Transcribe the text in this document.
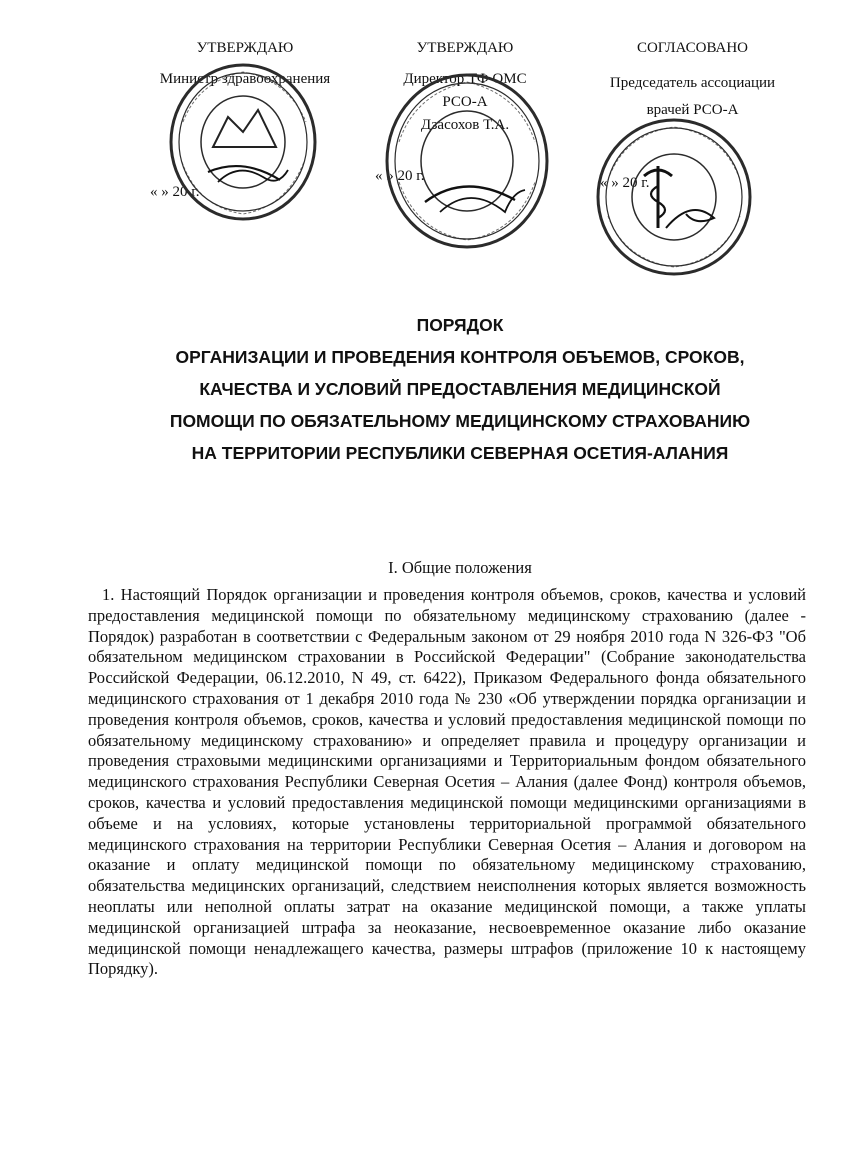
УТВЕРЖДАЮ
Министр здравоохранения
« » 20 г.
УТВЕРЖДАЮ
Директор ТФ ОМС
РСО-А
Дзасохов Т.А.
« » 20 г.
СОГЛАСОВАНО
Председатель ассоциации
врачей РСО-А
« » 20 г.
ПОРЯДОК
ОРГАНИЗАЦИИ И ПРОВЕДЕНИЯ КОНТРОЛЯ ОБЪЕМОВ, СРОКОВ,
КАЧЕСТВА И УСЛОВИЙ ПРЕДОСТАВЛЕНИЯ МЕДИЦИНСКОЙ
ПОМОЩИ ПО ОБЯЗАТЕЛЬНОМУ МЕДИЦИНСКОМУ СТРАХОВАНИЮ
НА ТЕРРИТОРИИ РЕСПУБЛИКИ СЕВЕРНАЯ ОСЕТИЯ-АЛАНИЯ
I. Общие положения

1. Настоящий Порядок организации и проведения контроля объемов, сроков, качества и условий предоставления медицинской помощи по обязательному медицинскому страхованию (далее - Порядок) разработан в соответствии с Федеральным законом от 29 ноября 2010 года N 326-ФЗ "Об обязательном медицинском страховании в Российской Федерации" (Собрание законодательства Российской Федерации, 06.12.2010, N 49, ст. 6422), Приказом Федерального фонда обязательного медицинского страхования от 1 декабря 2010 года № 230 «Об утверждении порядка организации и проведения контроля объемов, сроков, качества и условий предоставления медицинской помощи по обязательному медицинскому страхованию» и определяет правила и процедуру организации и проведения страховыми медицинскими организациями и Территориальным фондом обязательного медицинского страхования Республики Северная Осетия – Алания (далее Фонд) контроля объемов, сроков, качества и условий предоставления медицинской помощи медицинскими организациями в объеме и на условиях, которые установлены территориальной программой обязательного медицинского страхования на территории Республики Северная Осетия – Алания и договором на оказание и оплату медицинской помощи по обязательному медицинскому страхованию, обязательства медицинских организаций, следствием неисполнения которых является возможность неоплаты или неполной оплаты затрат на оказание медицинской помощи, а также уплаты медицинской организацией штрафа за неоказание, несвоевременное оказание либо оказание медицинской помощи ненадлежащего качества, размеры штрафов (приложение 10 к настоящему Порядку).
